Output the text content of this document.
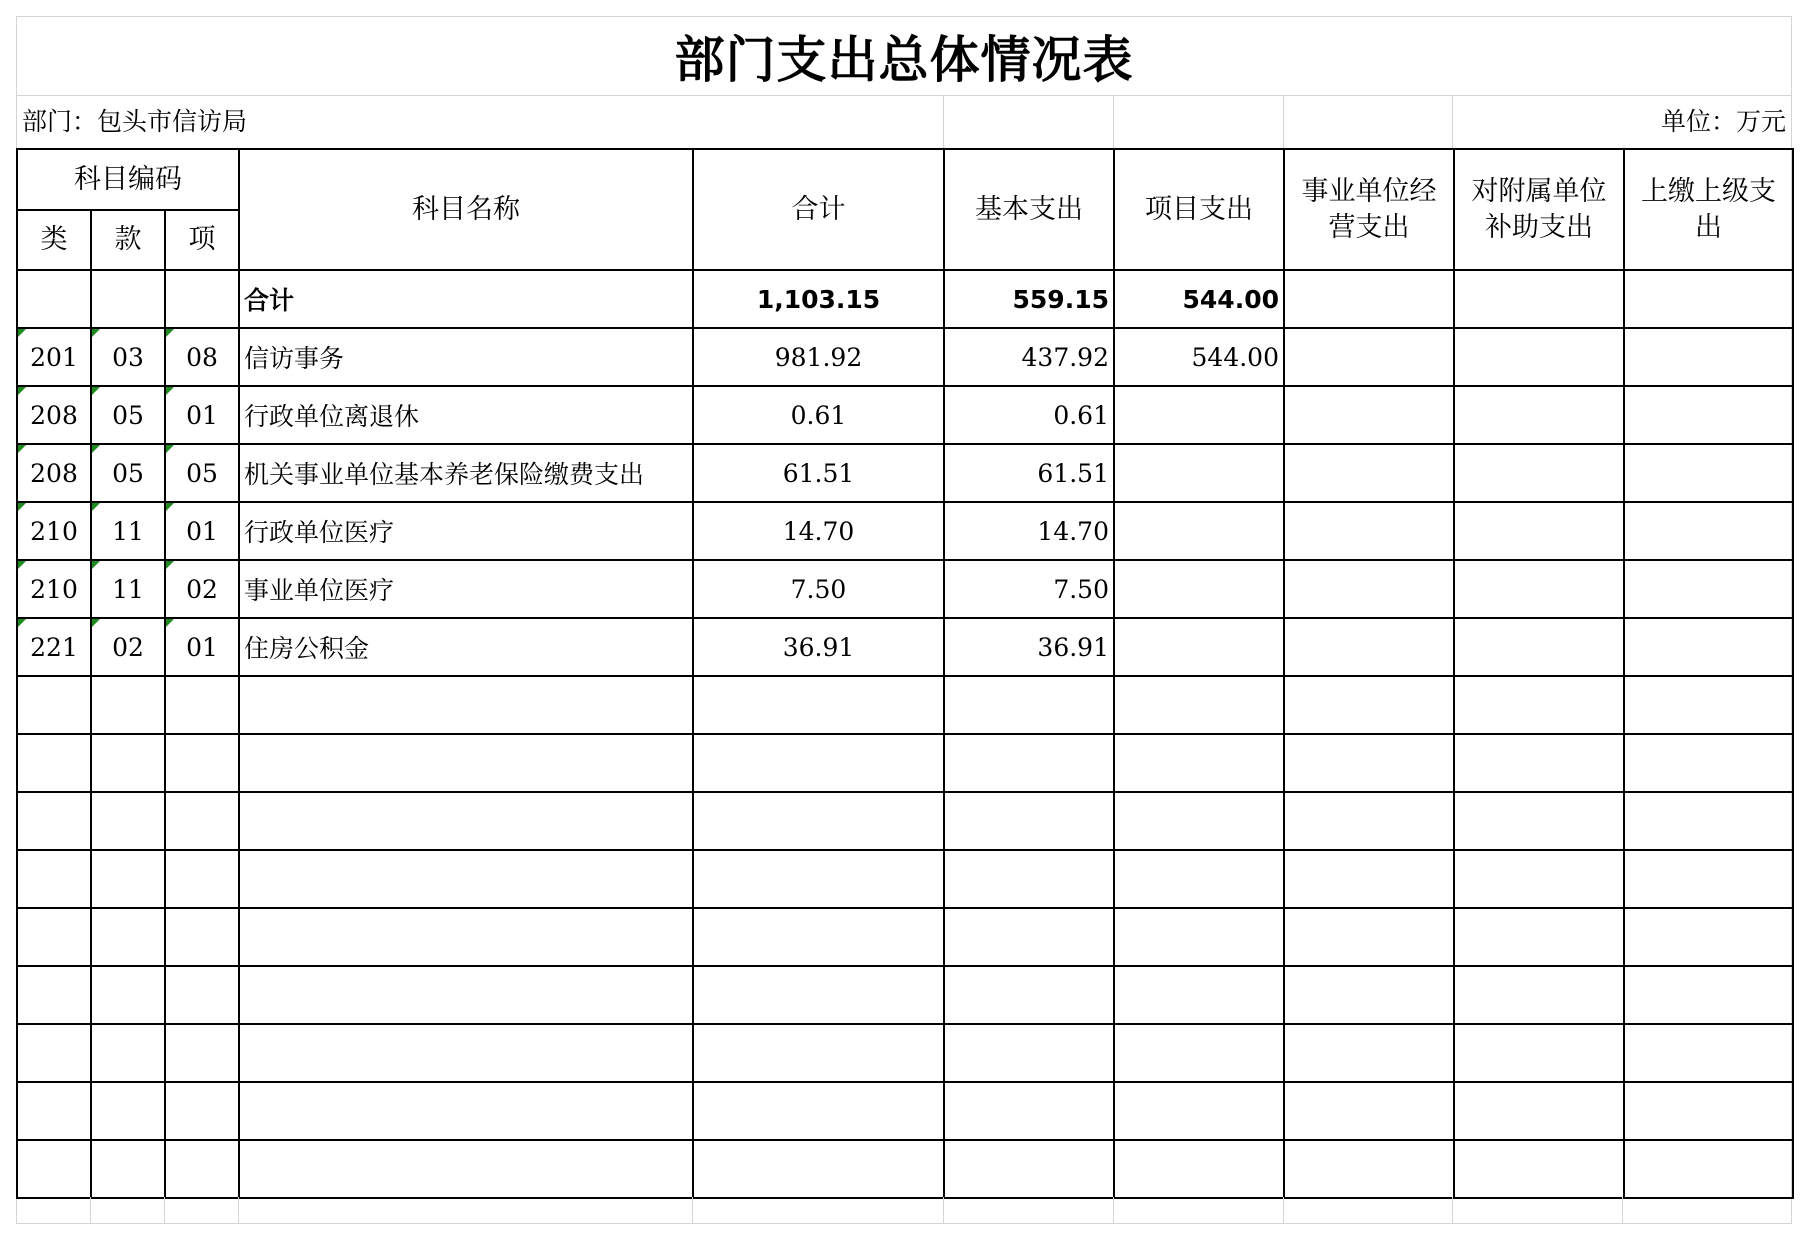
部门支出总体情况表
部门：包头市信访局	单位：万元
科目编码			科目名称	合计	基本支出	项目支出	事业单位经营支出	对附属单位补助支出	上缴上级支出
类	款	项							
			合计	1,103.15	559.15	544.00			
201	03	08	信访事务	981.92	437.92	544.00			
208	05	01	行政单位离退休	0.61	0.61				
208	05	05	机关事业单位基本养老保险缴费支出	61.51	61.51				
210	11	01	行政单位医疗	14.70	14.70				
210	11	02	事业单位医疗	7.50	7.50				
221	02	01	住房公积金	36.91	36.91				
